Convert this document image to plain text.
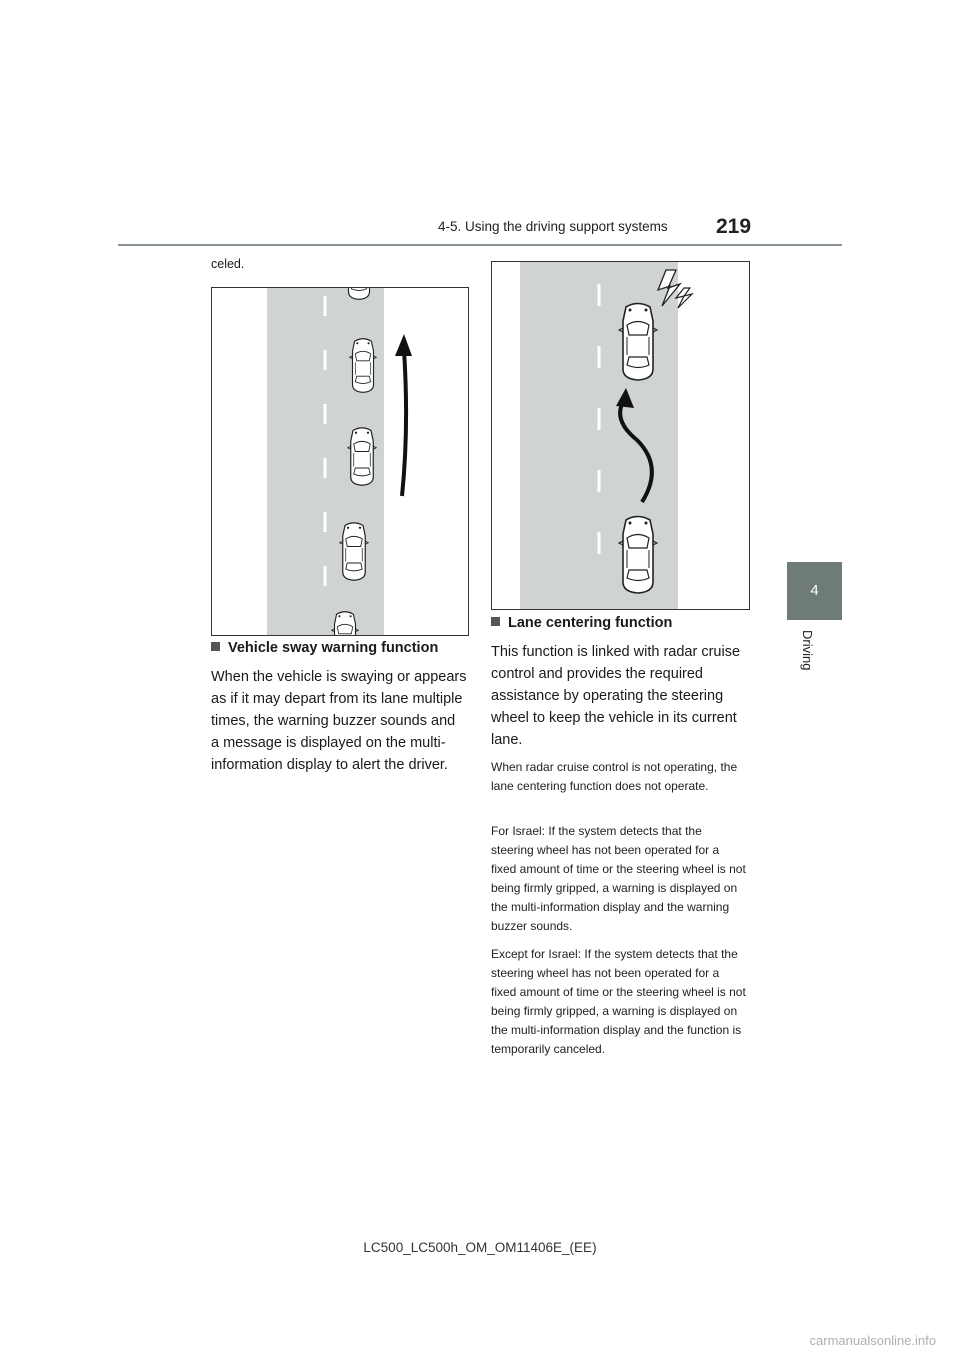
4-5. Using the driving support systems 219
4
Driving
celed.
Vehicle sway warning function
When the vehicle is swaying or appears as if it may depart from its lane multiple times, the warning buzzer sounds and a message is displayed on the multi-information display to alert the driver.
Lane centering function
This function is linked with radar cruise control and provides the required assistance by operating the steering wheel to keep the vehicle in its current lane.
When radar cruise control is not operating, the lane centering function does not operate.
For Israel: If the system detects that the steering wheel has not been operated for a fixed amount of time or the steering wheel is not being firmly gripped, a warning is displayed on the multi-information display and the warning buzzer sounds.
Except for Israel: If the system detects that the steering wheel has not been operated for a fixed amount of time or the steering wheel is not being firmly gripped, a warning is displayed on the multi-information display and the function is temporarily canceled.
LC500_LC500h_OM_OM11406E_(EE)
carmanualsonline.info
